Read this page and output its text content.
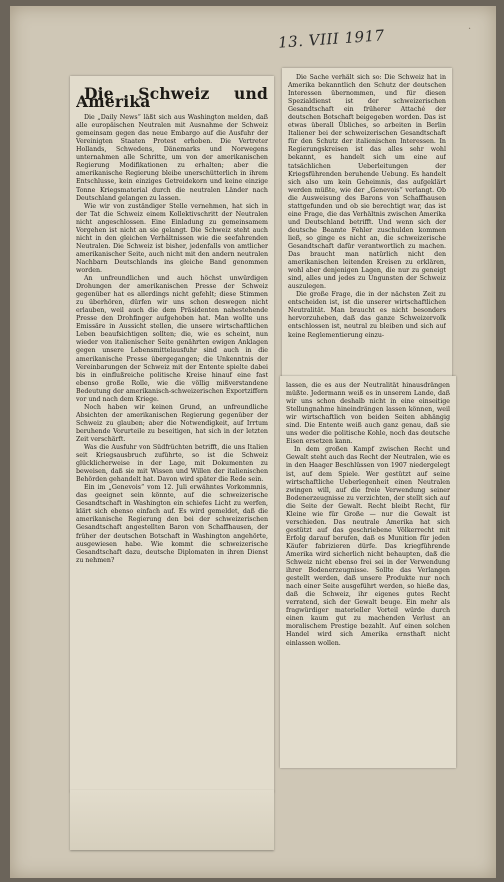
13. VIII 1917	·

Die Schweiz und Amerika

Die „Daily News“ läßt sich aus Washington melden, daß alle europäischen Neutralen mit Ausnahme der Schweiz gemeinsam gegen das neue Embargo auf die Ausfuhr der Vereinigten Staaten Protest erhoben. Die Vertreter Hollands, Schwedens, Dänemarks und Norwegens unternahmen alle Schritte, um von der amerikanischen Regierung Modifikationen zu erhalten; aber die amerikanische Regierung bleibe unerschütterlich in ihrem Entschlusse, kein einziges Getreidekorn und keine einzige Tonne Kriegsmaterial durch die neutralen Länder nach Deutschland gelangen zu lassen.

Wie wir von zuständiger Stelle vernehmen, hat sich in der Tat die Schweiz einem Kollektivschritt der Neutralen nicht angeschlossen. Eine Einladung zu gemeinsamem Vorgehen ist nicht an sie gelangt. Die Schweiz steht auch nicht in den gleichen Verhältnissen wie die seefahrenden Neutralen. Die Schweiz ist bisher, jedenfalls von amtlicher amerikanischer Seite, auch nicht mit den andern neutralen Nachbarn Deutschlands ins gleiche Band genommen worden.

An unfreundlichen und auch höchst unwürdigen Drohungen der amerikanischen Presse der Schweiz gegenüber hat es allerdings nicht gefehlt; diese Stimmen zu überhören, dürfen wir uns schon deswegen nicht erlauben, weil auch die dem Präsidenten nahestehende Presse den Drohfinger aufgehoben hat. Man wollte uns Emissäre in Aussicht stellen, die unsere wirtschaftlichen Leben beaufsichtigen sollten; die, wie es scheint, nun wieder von italienischer Seite genährten ewigen Anklagen gegen unsere Lebensmittelausfuhr sind auch in die amerikanische Presse übergegangen; die Unkenntnis der Vereinbarungen der Schweiz mit der Entente spielte dabei bis in einflußreiche politische Kreise hinauf eine fast ebenso große Rolle, wie die völlig mißverstandene Bedeutung der amerikanisch-schweizerischen Exportziffern vor und nach dem Kriege.

Noch haben wir keinen Grund, an unfreundliche Absichten der amerikanischen Regierung gegenüber der Schweiz zu glauben; aber die Notwendigkeit, auf Irrtum beruhende Vorurteile zu beseitigen, hat sich in der letzten Zeit verschärft.

Was die Ausfuhr von Südfrüchten betrifft, die uns Italien seit Kriegsausbruch zuführte, so ist die Schweiz glücklicherweise in der Lage, mit Dokumenten zu beweisen, daß sie mit Wissen und Willen der italienischen Behörden gehandelt hat. Davon wird später die Rede sein.

Ein im „Genevois“ vom 12. Juli erwähntes Vorkommnis, das geeignet sein könnte, auf die schweizerische Gesandtschaft in Washington ein schiefes Licht zu werfen, klärt sich ebenso einfach auf. Es wird gemeldet, daß die amerikanische Regierung den bei der schweizerischen Gesandtschaft angestellten Baron von Schaffhausen, der früher der deutschen Botschaft in Washington angehörte, ausgewiesen habe. Wie kommt die schweizerische Gesandtschaft dazu, deutsche Diplomaten in ihren Dienst zu nehmen?

Die Sache verhält sich so: Die Schweiz hat in Amerika bekanntlich den Schutz der deutschen Interessen übernommen, und für diesen Spezialdienst ist der schweizerischen Gesandtschaft ein früherer Attaché der deutschen Botschaft beigegeben worden. Das ist etwas überall Übliches, so arbeiten in Berlin Italiener bei der schweizerischen Gesandtschaft für den Schutz der italienischen Interessen. In Regierungskreisen ist das alles sehr wohl bekannt, es handelt sich um eine auf tatsächlichen Ueberleitungen der Kriegsführenden beruhende Uebung. Es handelt sich also um kein Geheimnis, das aufgeklärt werden müßte, wie der „Genevois“ verlangt. Ob die Ausweisung des Barons von Schaffhausen stattgefunden und ob sie berechtigt war, das ist eine Frage, die das Verhältnis zwischen Amerika und Deutschland betrifft. Und wenn sich der deutsche Beamte Fehler zuschulden kommen ließ, so ginge es nicht an, die schweizerische Gesandtschaft dafür verantwortlich zu machen. Das braucht man natürlich nicht den amerikanischen leitenden Kreisen zu erklären, wohl aber denjenigen Lagen, die nur zu geneigt sind, alles und jedes zu Ungunsten der Schweiz auszulegen.

Die große Frage, die in der nächsten Zeit zu entscheiden ist, ist die unserer wirtschaftlichen Neutralität. Man braucht es nicht besonders hervorzuheben, daß das ganze Schweizervolk entschlossen ist, neutral zu bleiben und sich auf keine Reglementierung einzu-

lassen, die es aus der Neutralität hinausdrängen müßte. Jedermann weiß es in unserem Lande, daß wir uns schon deshalb nicht in eine einseitige Stellungnahme hineindrängen lassen können, weil wir wirtschaftlich von beiden Seiten abhängig sind. Die Entente weiß auch ganz genau, daß sie uns weder die politische Kohle, noch das deutsche Eisen ersetzen kann.

In dem großen Kampf zwischen Recht und Gewalt steht auch das Recht der Neutralen, wie es in den Haager Beschlüssen von 1907 niedergelegt ist, auf dem Spiele. Wer gestützt auf seine wirtschaftliche Ueberlegenheit einen Neutralen zwingen will, auf die freie Verwendung seiner Bodenerzeugnisse zu verzichten, der stellt sich auf die Seite der Gewalt. Recht bleibt Recht, für Kleine wie für Große — nur die Gewalt ist verschieden. Das neutrale Amerika hat sich gestützt auf das geschriebene Völkerrecht mit Erfolg darauf berufen, daß es Munition für jeden Käufer fabrizieren dürfe. Das kriegführende Amerika wird sicherlich nicht behaupten, daß die Schweiz nicht ebenso frei sei in der Verwendung ihrer Bodenerzeugnisse. Sollte das Verlangen gestellt werden, daß unsere Produkte nur noch nach einer Seite ausgeführt werden, so hieße das, daß die Schweiz, ihr eigenes gutes Recht verratend, sich der Gewalt beuge. Ein mehr als fragwürdiger materieller Vorteil würde durch einen kaum gut zu machenden Verlust an moralischem Prestige bezahlt. Auf einen solchen Handel wird sich Amerika ernsthaft nicht einlassen wollen.
